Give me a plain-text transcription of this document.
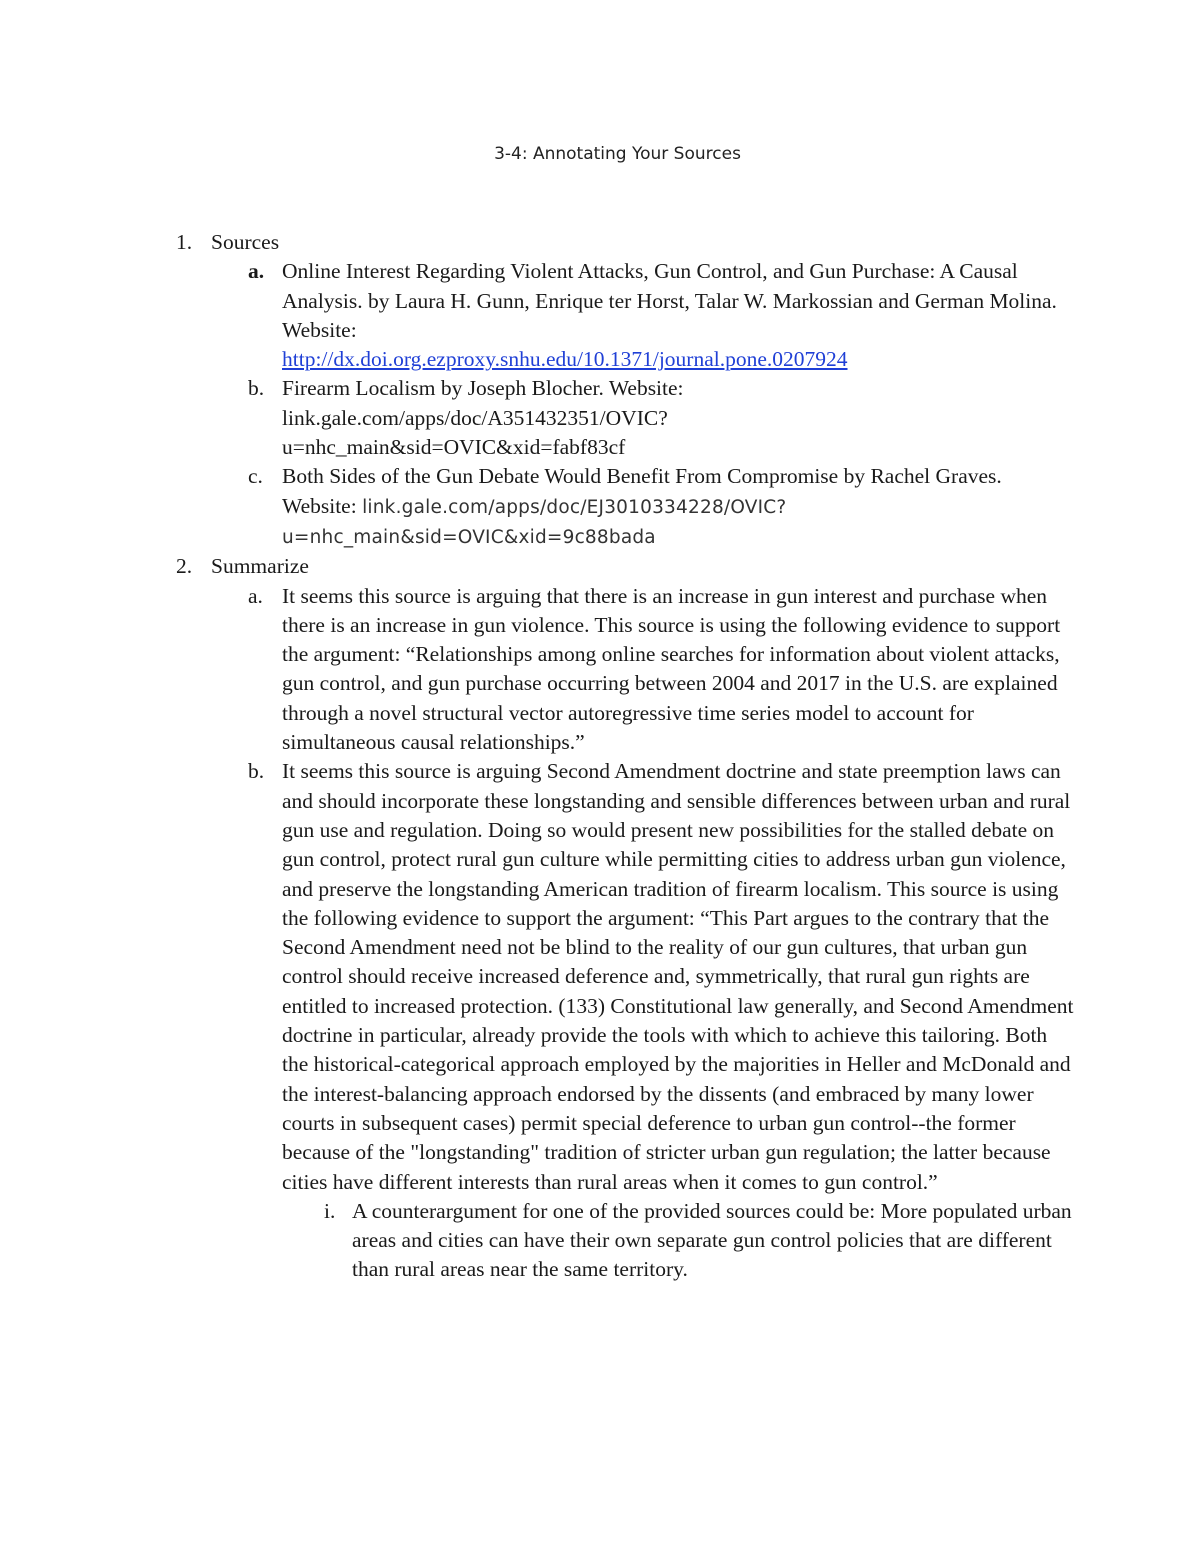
3-4: Annotating Your Sources
1. Sources
a. Online Interest Regarding Violent Attacks, Gun Control, and Gun Purchase: A Causal Analysis. by Laura H. Gunn, Enrique ter Horst, Talar W. Markossian and German Molina. Website:
http://dx.doi.org.ezproxy.snhu.edu/10.1371/journal.pone.0207924
b. Firearm Localism by Joseph Blocher. Website:
link.gale.com/apps/doc/A351432351/OVIC?
u=nhc_main&sid=OVIC&xid=fabf83cf
c. Both Sides of the Gun Debate Would Benefit From Compromise by Rachel Graves. Website: link.gale.com/apps/doc/EJ3010334228/OVIC?u=nhc_main&sid=OVIC&xid=9c88bada
2. Summarize
a. It seems this source is arguing that there is an increase in gun interest and purchase when there is an increase in gun violence. This source is using the following evidence to support the argument: “Relationships among online searches for information about violent attacks, gun control, and gun purchase occurring between 2004 and 2017 in the U.S. are explained through a novel structural vector autoregressive time series model to account for simultaneous causal relationships.”
b. It seems this source is arguing Second Amendment doctrine and state preemption laws can and should incorporate these longstanding and sensible differences between urban and rural gun use and regulation. Doing so would present new possibilities for the stalled debate on gun control, protect rural gun culture while permitting cities to address urban gun violence, and preserve the longstanding American tradition of firearm localism. This source is using the following evidence to support the argument: “This Part argues to the contrary that the Second Amendment need not be blind to the reality of our gun cultures, that urban gun control should receive increased deference and, symmetrically, that rural gun rights are entitled to increased protection. (133) Constitutional law generally, and Second Amendment doctrine in particular, already provide the tools with which to achieve this tailoring. Both the historical-categorical approach employed by the majorities in Heller and McDonald and the interest-balancing approach endorsed by the dissents (and embraced by many lower courts in subsequent cases) permit special deference to urban gun control--the former because of the "longstanding" tradition of stricter urban gun regulation; the latter because cities have different interests than rural areas when it comes to gun control.”
i. A counterargument for one of the provided sources could be: More populated urban areas and cities can have their own separate gun control policies that are different than rural areas near the same territory.
